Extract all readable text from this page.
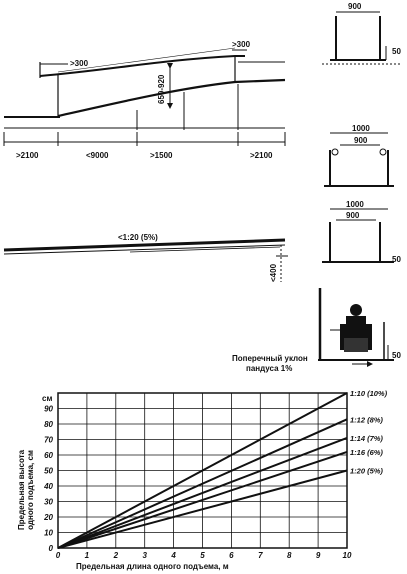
>300
>300
650-920
>2100	<9000	>1500	>2100
<1:20 (5%)
<400
900
50
1000
900
1000
900
50
50
Поперечный уклон
пандуса 1%
0	1	2	3	4	5	6	7	8	9	10
0
10
20
30
40
50
60
70
80
90
1:10 (10%)
1:12 (8%)
1:14 (7%)
1:16 (6%)
1:20 (5%)
см
Предельная длина одного подъема, м
Предельная высота одного подъема, см
